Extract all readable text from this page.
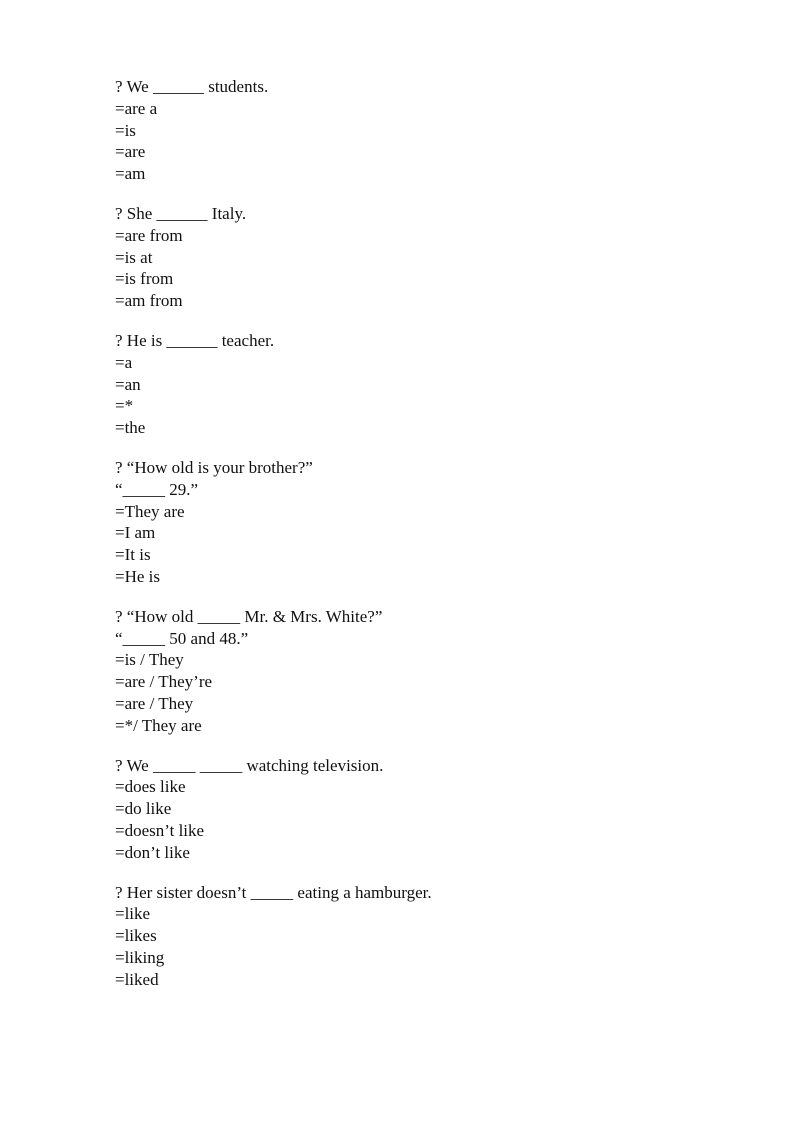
? We ______ students.
=are a
=is
=are
=am
? She ______ Italy.
=are from
=is at
=is from
=am from
? He is ______ teacher.
=a
=an
=*
=the
? “How old is your brother?”
“_____ 29.”
=They are
=I am
=It is
=He is
? “How old _____ Mr. & Mrs. White?”
“_____ 50 and 48.”
=is / They
=are / They’re
=are / They
=*/ They are
? We _____ _____ watching television.
=does like
=do like
=doesn’t like
=don’t like
? Her sister doesn’t _____ eating a hamburger.
=like
=likes
=liking
=liked
